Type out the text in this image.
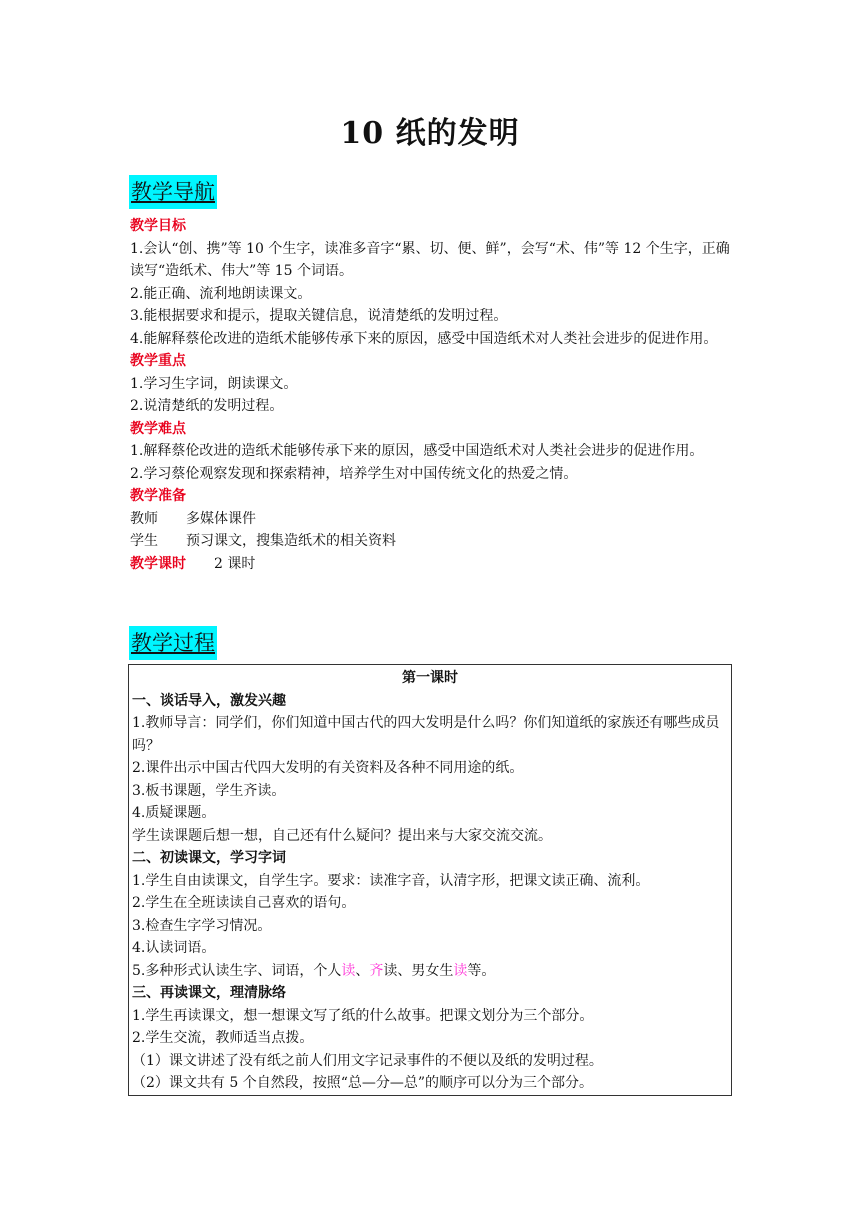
10 纸的发明
教学导航

教学目标

1.会认“创、携”等 10 个生字，读准多音字“累、切、便、鲜”，会写“术、伟”等 12 个生字，正确读写“造纸术、伟大”等 15 个词语。

2.能正确、流利地朗读课文。

3.能根据要求和提示，提取关键信息，说清楚纸的发明过程。

4.能解释蔡伦改进的造纸术能够传承下来的原因，感受中国造纸术对人类社会进步的促进作用。

教学重点

1.学习生字词，朗读课文。

2.说清楚纸的发明过程。

教学难点

1.解释蔡伦改进的造纸术能够传承下来的原因，感受中国造纸术对人类社会进步的促进作用。

2.学习蔡伦观察发现和探索精神，培养学生对中国传统文化的热爱之情。

教学准备

教师 多媒体课件

学生 预习课文，搜集造纸术的相关资料

教学课时 2 课时

教学过程

第一课时

一、谈话导入，激发兴趣

1.教师导言：同学们，你们知道中国古代的四大发明是什么吗？你们知道纸的家族还有哪些成员吗？

2.课件出示中国古代四大发明的有关资料及各种不同用途的纸。

3.板书课题，学生齐读。

4.质疑课题。

学生读课题后想一想，自己还有什么疑问？提出来与大家交流交流。

二、初读课文，学习字词

1.学生自由读课文，自学生字。要求：读准字音，认清字形，把课文读正确、流利。

2.学生在全班读读自己喜欢的语句。

3.检查生字学习情况。

4.认读词语。

5.多种形式认读生字、词语，个人读、齐读、男女生读等。

三、再读课文，理清脉络

1.学生再读课文，想一想课文写了纸的什么故事。把课文划分为三个部分。

2.学生交流，教师适当点拨。

（1）课文讲述了没有纸之前人们用文字记录事件的不便以及纸的发明过程。

（2）课文共有 5 个自然段，按照“总—分—总”的顺序可以分为三个部分。
